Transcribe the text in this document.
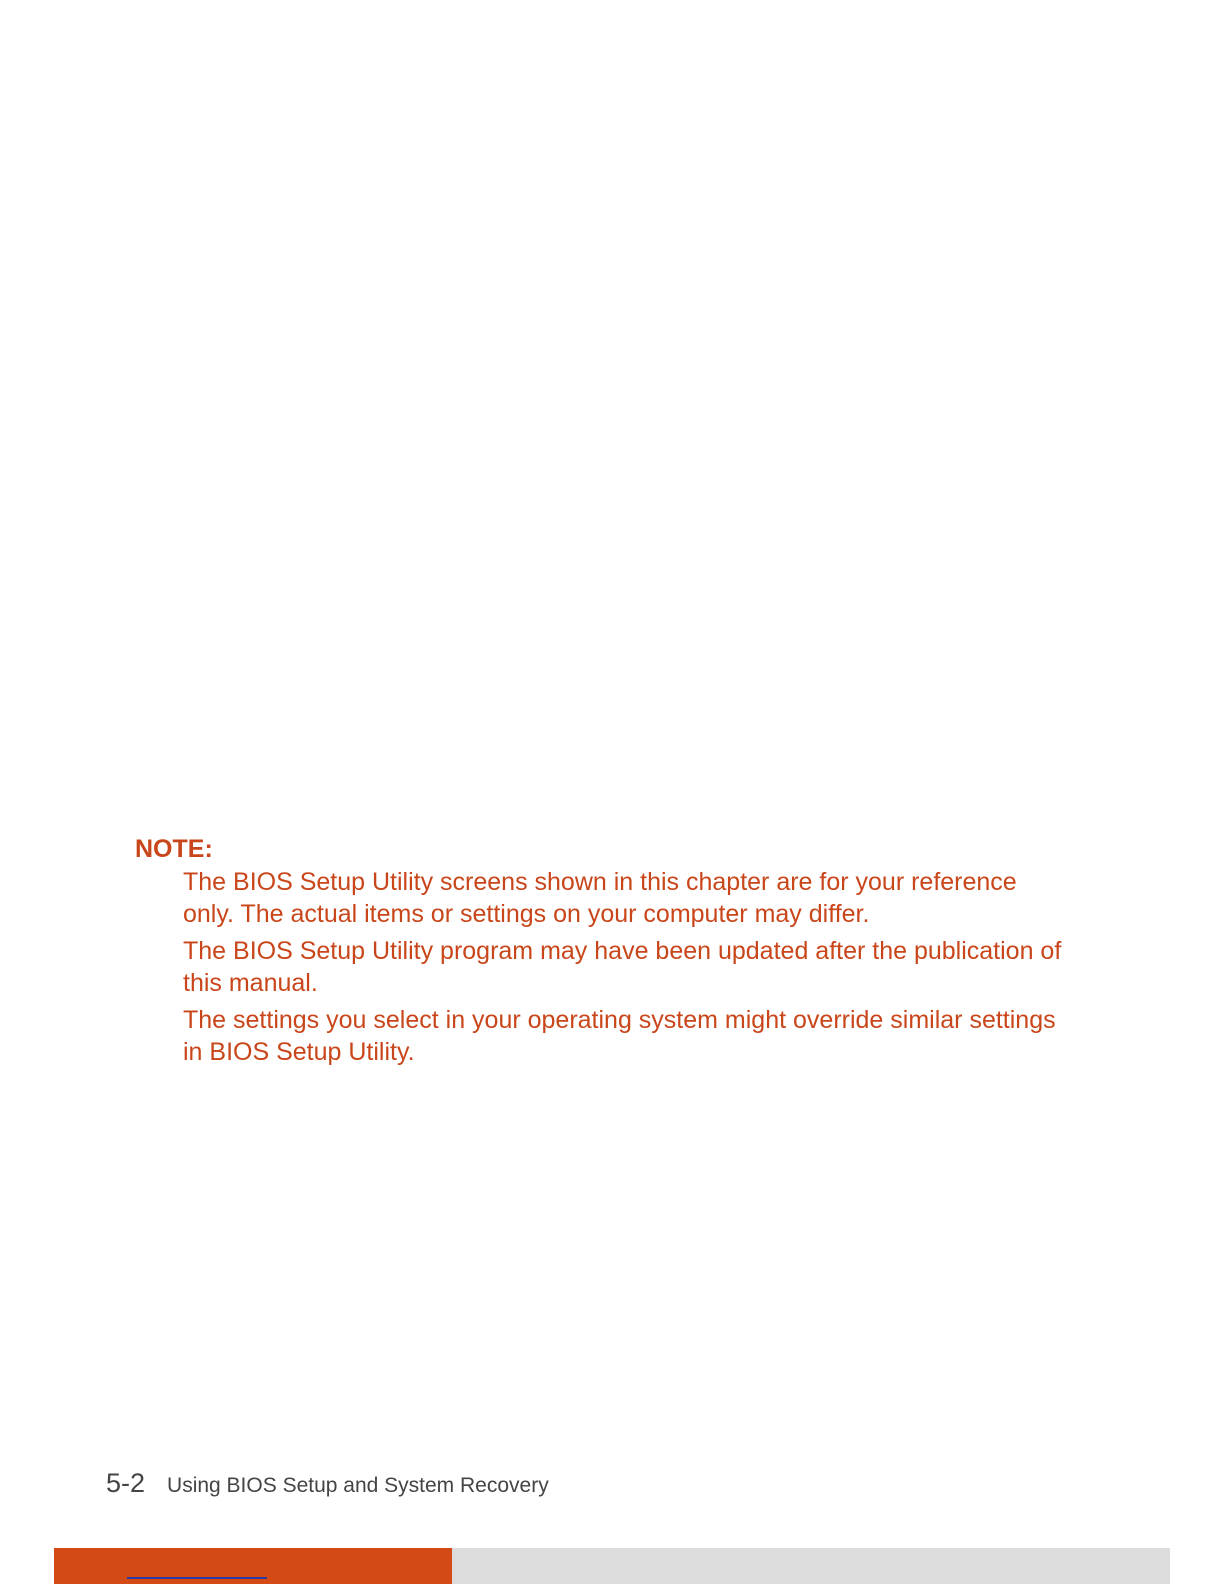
NOTE:

The BIOS Setup Utility screens shown in this chapter are for your reference only. The actual items or settings on your computer may differ.

The BIOS Setup Utility program may have been updated after the publication of this manual.

The settings you select in your operating system might override similar settings in BIOS Setup Utility.

5-2 Using BIOS Setup and System Recovery
